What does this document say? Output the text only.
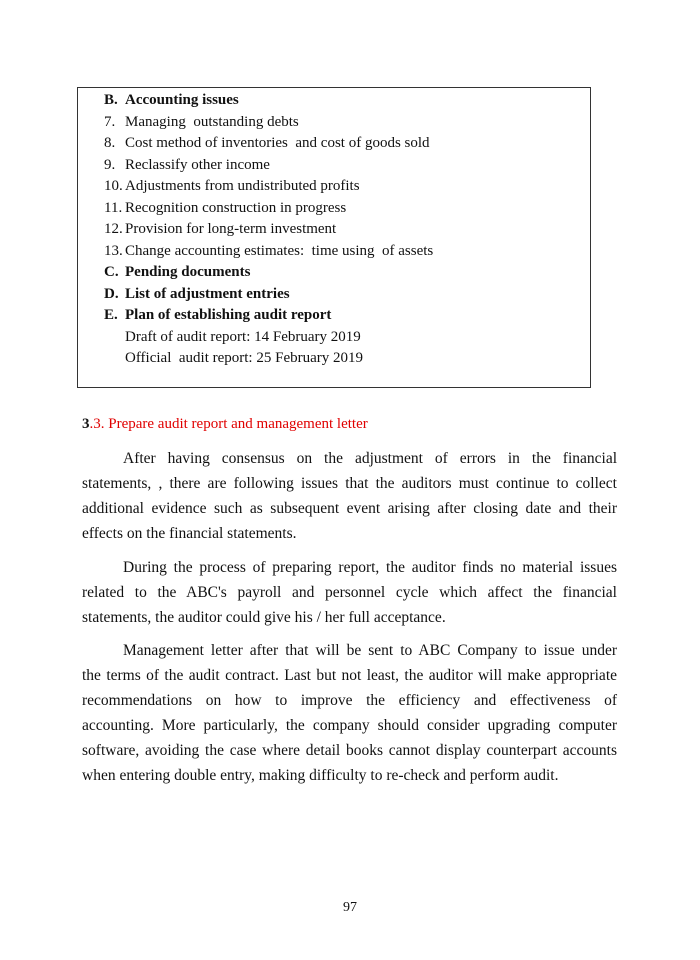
B. Accounting issues
7. Managing  outstanding debts
8. Cost method of inventories  and cost of goods sold
9. Reclassify other income
10. Adjustments from undistributed profits
11. Recognition construction in progress
12. Provision for long-term investment
13. Change accounting estimates:  time using  of assets
C. Pending documents
D. List of adjustment entries
E. Plan of establishing audit report
Draft of audit report: 14 February 2019
Official  audit report: 25 February 2019
3.3. Prepare audit report and management letter
After having consensus on the adjustment of errors in the financial
statements, , there are following issues that the auditors must continue to collect
additional evidence such as subsequent event arising after closing date and their
effects on the financial statements.
During the process of preparing report, the auditor finds no material issues
related to the ABC's payroll and personnel cycle which affect the financial
statements, the auditor could give his / her full acceptance.
Management letter after that will be sent to ABC Company to issue under
the terms of the audit contract. Last but not least, the auditor will make appropriate
recommendations on how to improve the efficiency and effectiveness of
accounting. More particularly, the company should consider upgrading computer
software, avoiding the case where detail books cannot display counterpart accounts
when entering double entry, making difficulty to re-check and perform audit.
97
